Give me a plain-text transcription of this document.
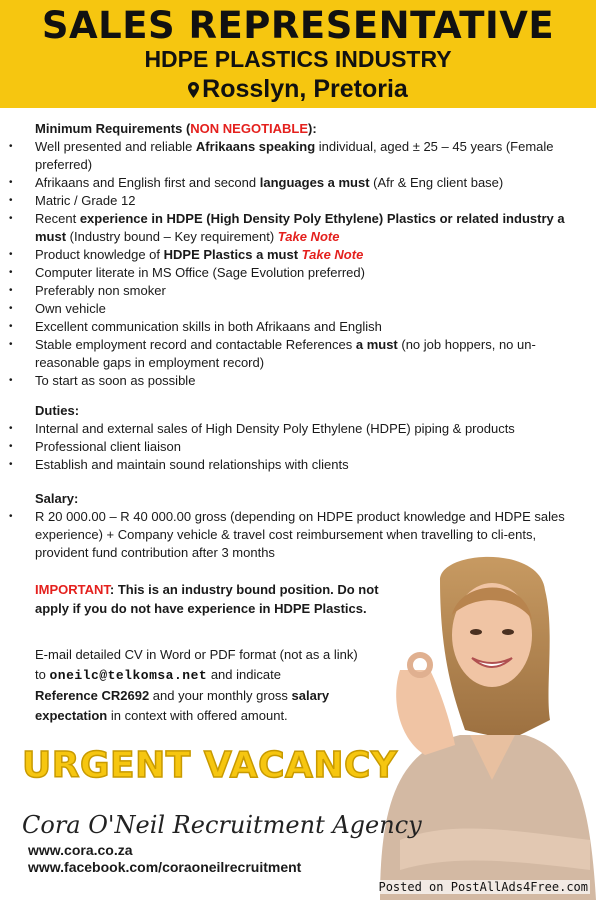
SALES REPRESENTATIVE
HDPE PLASTICS INDUSTRY
Rosslyn, Pretoria
Minimum Requirements (NON NEGOTIABLE):
• Well presented and reliable Afrikaans speaking individual, aged ± 25 – 45 years (Female preferred)
• Afrikaans and English first and second languages a must (Afr & Eng client base)
• Matric / Grade 12
• Recent experience in HDPE (High Density Poly Ethylene) Plastics or related industry a must (Industry bound – Key requirement) Take Note
• Product knowledge of HDPE Plastics a must Take Note
• Computer literate in MS Office (Sage Evolution preferred)
• Preferably non smoker
• Own vehicle
• Excellent communication skills in both Afrikaans and English
• Stable employment record and contactable References a must (no job hoppers, no un-reasonable gaps in employment record)
• To start as soon as possible
Duties:
• Internal and external sales of High Density Poly Ethylene (HDPE) piping & products
• Professional client liaison
• Establish and maintain sound relationships with clients
Salary:
• R 20 000.00 – R 40 000.00 gross (depending on HDPE product knowledge and HDPE sales experience) + Company vehicle & travel cost reimbursement when travelling to cli-ents, provident fund contribution after 3 months
IMPORTANT: This is an industry bound position. Do not apply if you do not have experience in HDPE Plastics.
E-mail detailed CV in Word or PDF format (not as a link)
to oneilc@telkomsa.net and indicate
Reference CR2692 and your monthly gross salary
expectation in context with offered amount.
URGENT VACANCY
Cora O'Neil Recruitment Agency
www.cora.co.za
www.facebook.com/coraoneilrecruitment
Posted on PostAllAds4Free.com
